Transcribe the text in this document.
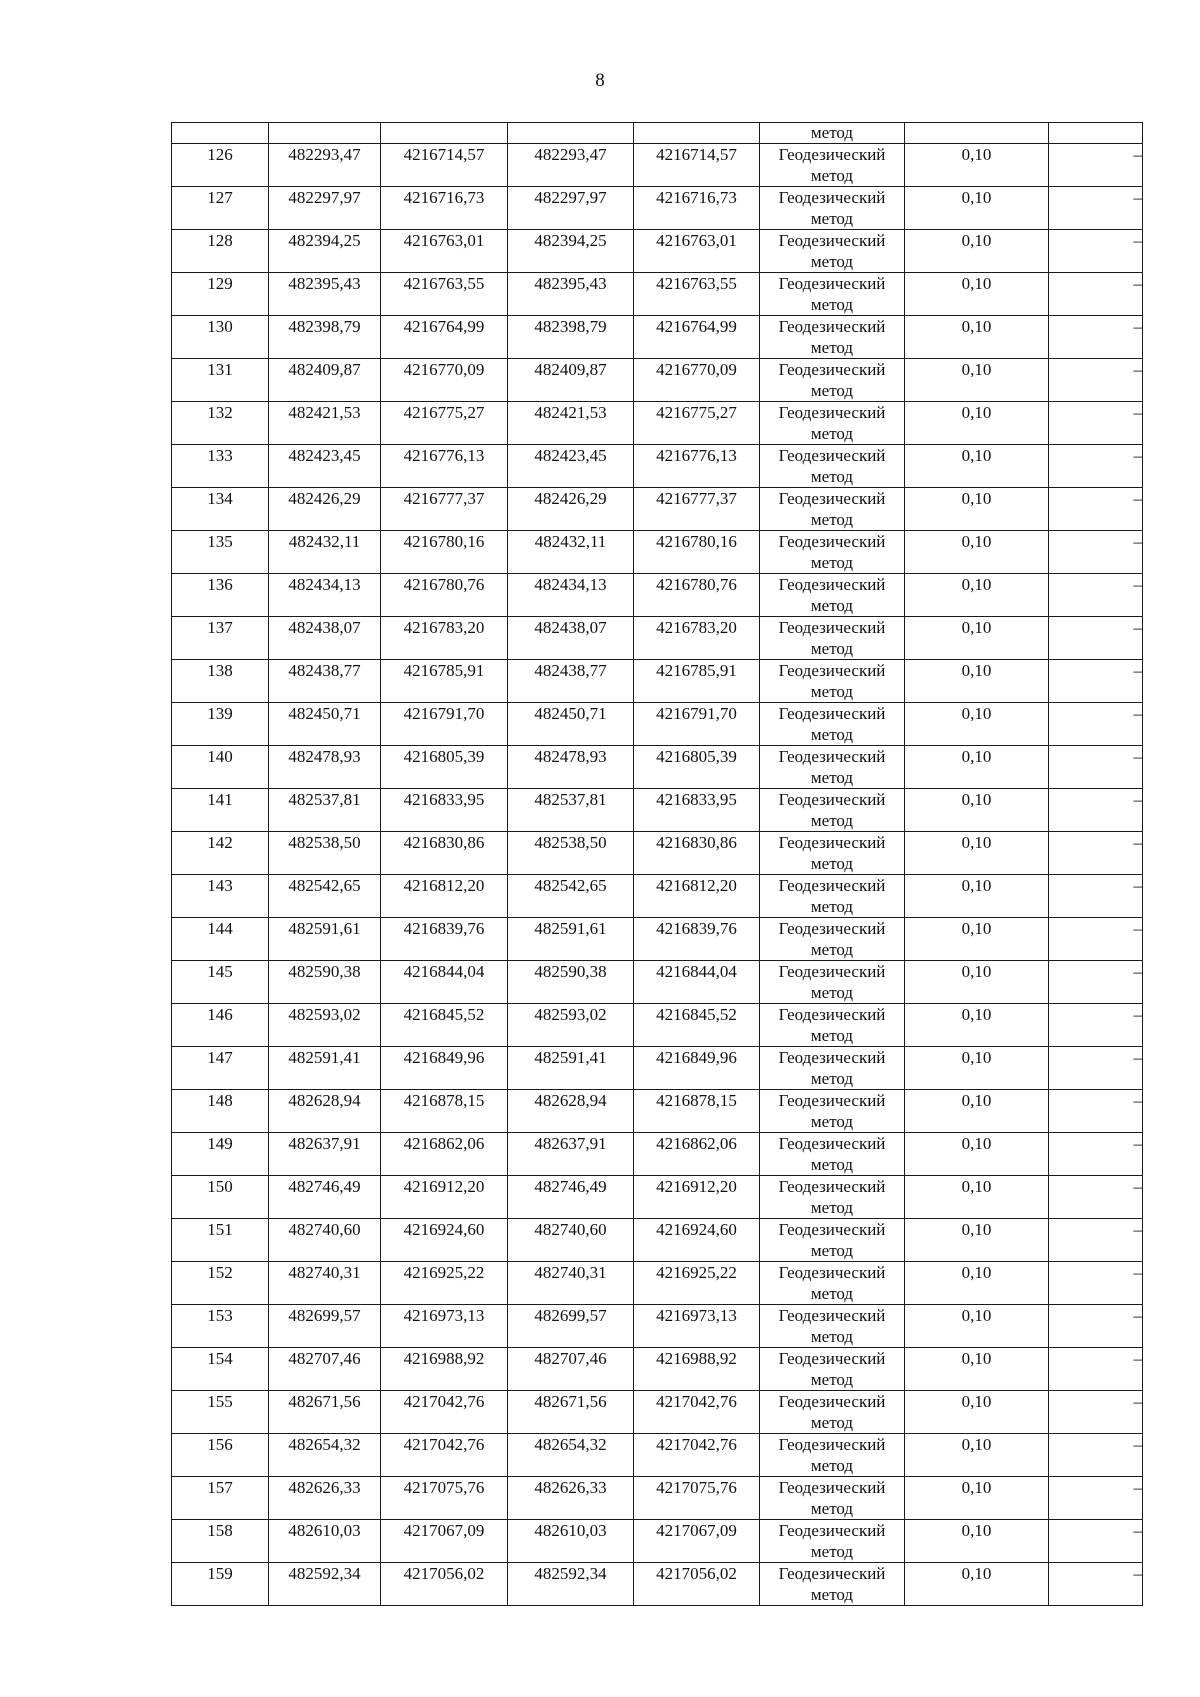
8
					метод		
126	482293,47	4216714,57	482293,47	4216714,57	Геодезический
метод	0,10	–
127	482297,97	4216716,73	482297,97	4216716,73	Геодезический
метод	0,10	–
128	482394,25	4216763,01	482394,25	4216763,01	Геодезический
метод	0,10	–
129	482395,43	4216763,55	482395,43	4216763,55	Геодезический
метод	0,10	–
130	482398,79	4216764,99	482398,79	4216764,99	Геодезический
метод	0,10	–
131	482409,87	4216770,09	482409,87	4216770,09	Геодезический
метод	0,10	–
132	482421,53	4216775,27	482421,53	4216775,27	Геодезический
метод	0,10	–
133	482423,45	4216776,13	482423,45	4216776,13	Геодезический
метод	0,10	–
134	482426,29	4216777,37	482426,29	4216777,37	Геодезический
метод	0,10	–
135	482432,11	4216780,16	482432,11	4216780,16	Геодезический
метод	0,10	–
136	482434,13	4216780,76	482434,13	4216780,76	Геодезический
метод	0,10	–
137	482438,07	4216783,20	482438,07	4216783,20	Геодезический
метод	0,10	–
138	482438,77	4216785,91	482438,77	4216785,91	Геодезический
метод	0,10	–
139	482450,71	4216791,70	482450,71	4216791,70	Геодезический
метод	0,10	–
140	482478,93	4216805,39	482478,93	4216805,39	Геодезический
метод	0,10	–
141	482537,81	4216833,95	482537,81	4216833,95	Геодезический
метод	0,10	–
142	482538,50	4216830,86	482538,50	4216830,86	Геодезический
метод	0,10	–
143	482542,65	4216812,20	482542,65	4216812,20	Геодезический
метод	0,10	–
144	482591,61	4216839,76	482591,61	4216839,76	Геодезический
метод	0,10	–
145	482590,38	4216844,04	482590,38	4216844,04	Геодезический
метод	0,10	–
146	482593,02	4216845,52	482593,02	4216845,52	Геодезический
метод	0,10	–
147	482591,41	4216849,96	482591,41	4216849,96	Геодезический
метод	0,10	–
148	482628,94	4216878,15	482628,94	4216878,15	Геодезический
метод	0,10	–
149	482637,91	4216862,06	482637,91	4216862,06	Геодезический
метод	0,10	–
150	482746,49	4216912,20	482746,49	4216912,20	Геодезический
метод	0,10	–
151	482740,60	4216924,60	482740,60	4216924,60	Геодезический
метод	0,10	–
152	482740,31	4216925,22	482740,31	4216925,22	Геодезический
метод	0,10	–
153	482699,57	4216973,13	482699,57	4216973,13	Геодезический
метод	0,10	–
154	482707,46	4216988,92	482707,46	4216988,92	Геодезический
метод	0,10	–
155	482671,56	4217042,76	482671,56	4217042,76	Геодезический
метод	0,10	–
156	482654,32	4217042,76	482654,32	4217042,76	Геодезический
метод	0,10	–
157	482626,33	4217075,76	482626,33	4217075,76	Геодезический
метод	0,10	–
158	482610,03	4217067,09	482610,03	4217067,09	Геодезический
метод	0,10	–
159	482592,34	4217056,02	482592,34	4217056,02	Геодезический
метод	0,10	–
